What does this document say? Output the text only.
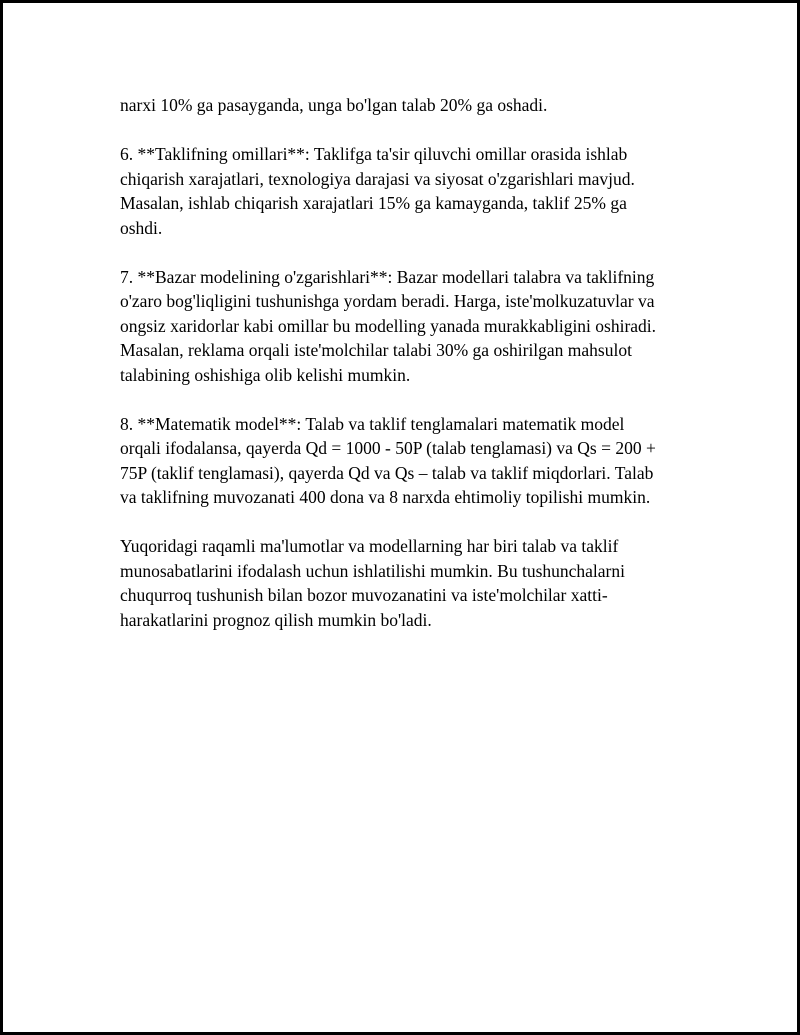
narxi 10% ga pasayganda, unga bo'lgan talab 20% ga oshadi.

6. **Taklifning omillari**: Taklifga ta'sir qiluvchi omillar orasida ishlab
chiqarish xarajatlari, texnologiya darajasi va siyosat o'zgarishlari mavjud.
Masalan, ishlab chiqarish xarajatlari 15% ga kamayganda, taklif 25% ga
oshdi.

7. **Bazar modelining o'zgarishlari**: Bazar modellari talabra va taklifning
o'zaro bog'liqligini tushunishga yordam beradi. Harga, iste'molkuzatuvlar va
ongsiz xaridorlar kabi omillar bu modelling yanada murakkabligini oshiradi.
Masalan, reklama orqali iste'molchilar talabi 30% ga oshirilgan mahsulot
talabining oshishiga olib kelishi mumkin.

8. **Matematik model**: Talab va taklif tenglamalari matematik model
orqali ifodalansa, qayerda Qd = 1000 - 50P (talab tenglamasi) va Qs = 200 +
75P (taklif tenglamasi), qayerda Qd va Qs – talab va taklif miqdorlari. Talab
va taklifning muvozanati 400 dona va 8 narxda ehtimoliy topilishi mumkin.

Yuqoridagi raqamli ma'lumotlar va modellarning har biri talab va taklif
munosabatlarini ifodalash uchun ishlatilishi mumkin. Bu tushunchalarni
chuqurroq tushunish bilan bozor muvozanatini va iste'molchilar xatti-
harakatlarini prognoz qilish mumkin bo'ladi.
